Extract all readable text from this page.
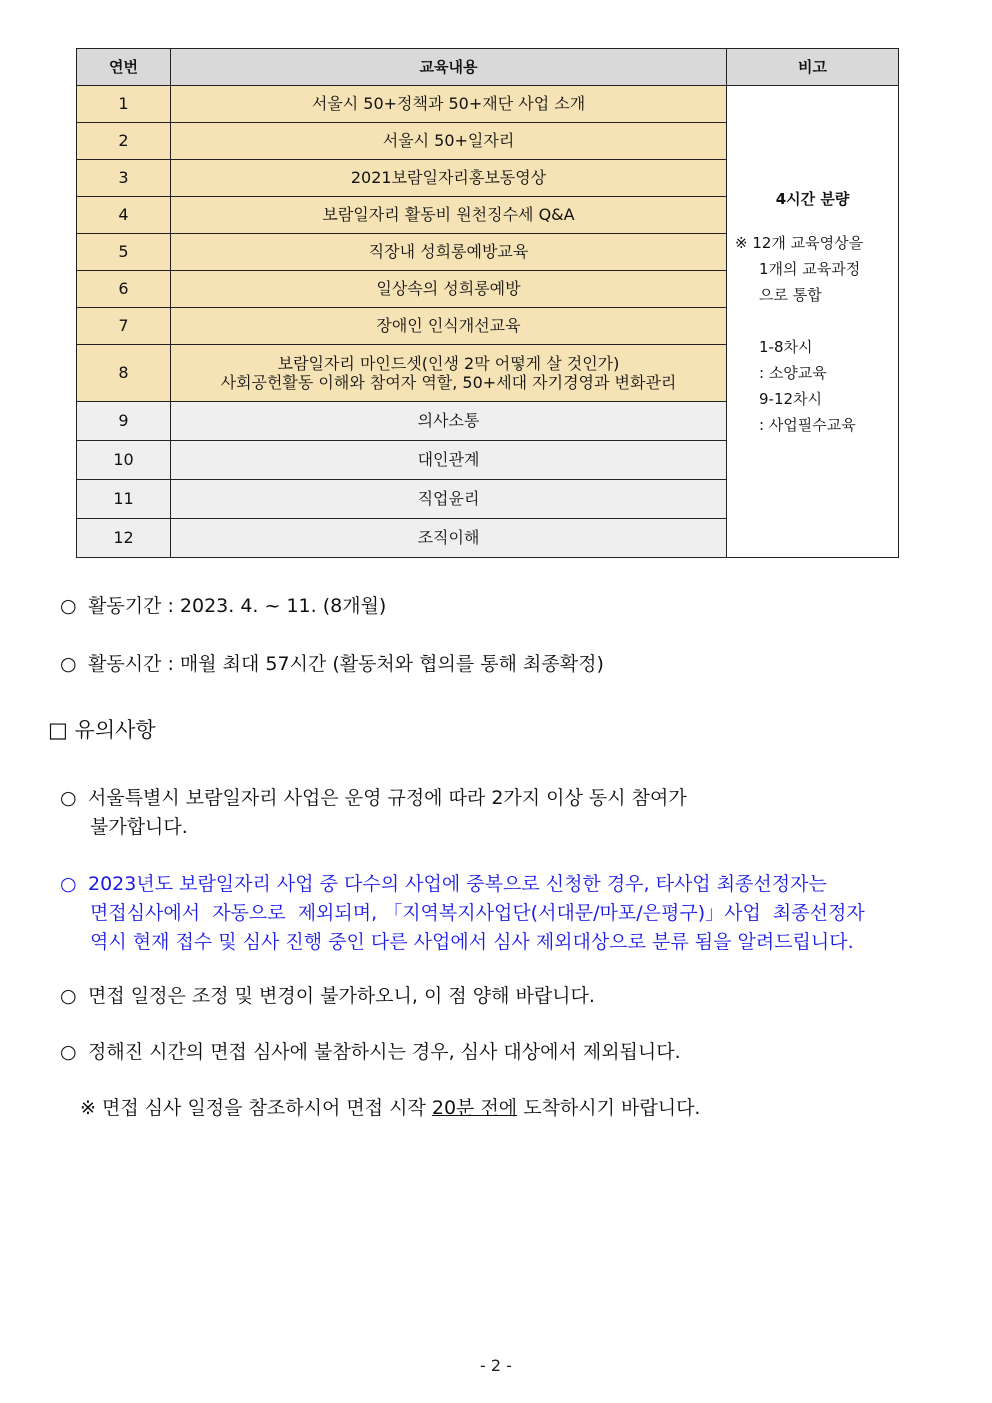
연번	교육내용	비고
1	서울시 50+정책과 50+재단 사업 소개	
4시간 분량
※ 12개 교육영상을
1개의 교육과정
으로 통합
1-8차시
: 소양교육
9-12차시
: 사업필수교육

2	서울시 50+일자리	
3	2021보람일자리홍보동영상	
4	보람일자리 활동비 원천징수세 Q&A	
5	직장내 성희롱예방교육	
6	일상속의 성희롱예방	
7	장애인 인식개선교육	
8	보람일자리 마인드셋(인생 2막 어떻게 살 것인가)
사회공헌활동 이해와 참여자 역할, 50+세대 자기경영과 변화관리	

9	의사소통	
10	대인관계	
11	직업윤리	
12	조직이해	
○ 활동기간 : 2023. 4. ~ 11. (8개월)
○ 활동시간 : 매월 최대 57시간 (활동처와 협의를 통해 최종확정)
□ 유의사항
○ 서울특별시 보람일자리 사업은 운영 규정에 따라 2가지 이상 동시 참여가
불가합니다.
○ 2023년도 보람일자리 사업 중 다수의 사업에 중복으로 신청한 경우, 타사업 최종선정자는
면접심사에서  자동으로  제외되며, 「지역복지사업단(서대문/마포/은평구)」사업  최종선정자
역시 현재 접수 및 심사 진행 중인 다른 사업에서 심사 제외대상으로 분류 됨을 알려드립니다.
○ 면접 일정은 조정 및 변경이 불가하오니, 이 점 양해 바랍니다.
○ 정해진 시간의 면접 심사에 불참하시는 경우, 심사 대상에서 제외됩니다.
※ 면접 심사 일정을 참조하시어 면접 시작 20분 전에 도착하시기 바랍니다.
- 2 -
